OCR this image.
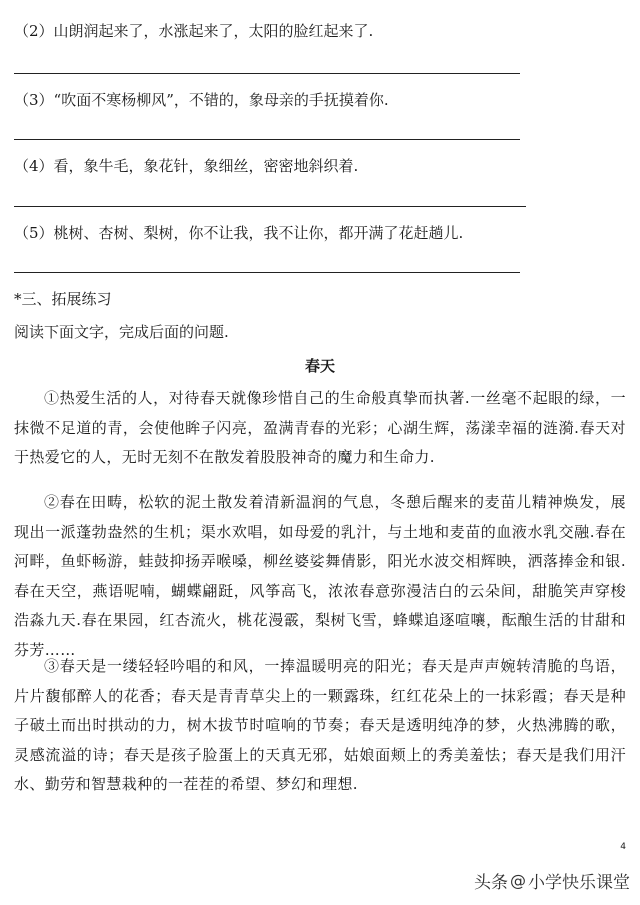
（2）山朗润起来了，水涨起来了，太阳的脸红起来了.
（3）“吹面不寒杨柳风”，不错的，象母亲的手抚摸着你.
（4）看，象牛毛，象花针，象细丝，密密地斜织着.
（5）桃树、杏树、梨树，你不让我，我不让你，都开满了花赶趟儿.
*三、拓展练习
阅读下面文字，完成后面的问题.
春天
①热爱生活的人，对待春天就像珍惜自己的生命般真挚而执著.一丝毫不起眼的绿，一抹微不足道的青，会使他眸子闪亮，盈满青春的光彩；心湖生辉，荡漾幸福的涟漪.春天对于热爱它的人，无时无刻不在散发着股股神奇的魔力和生命力.
②春在田畴，松软的泥土散发着清新温润的气息，冬憩后醒来的麦苗儿精神焕发，展现出一派蓬勃盎然的生机；渠水欢唱，如母爱的乳汁，与土地和麦苗的血液水乳交融.春在河畔，鱼虾畅游，蛙鼓抑扬弄喉嗓，柳丝婆娑舞倩影，阳光水波交相辉映，洒落捧金和银.春在天空，燕语呢喃，蝴蝶翩跹，风筝高飞，浓浓春意弥漫洁白的云朵间，甜脆笑声穿梭浩淼九天.春在果园，红杏流火，桃花漫霰，梨树飞雪，蜂蝶追逐喧嚷，酝酿生活的甘甜和芬芳……
③春天是一缕轻轻吟唱的和风，一捧温暖明亮的阳光；春天是声声婉转清脆的鸟语，片片馥郁醉人的花香；春天是青青草尖上的一颗露珠，红红花朵上的一抹彩霞；春天是种子破土而出时拱动的力，树木拔节时喧响的节奏；春天是透明纯净的梦，火热沸腾的歌，灵感流溢的诗；春天是孩子脸蛋上的天真无邪，姑娘面颊上的秀美羞怯；春天是我们用汗水、勤劳和智慧栽种的一茬茬的希望、梦幻和理想.
4
头条 @ 小学快乐课堂
